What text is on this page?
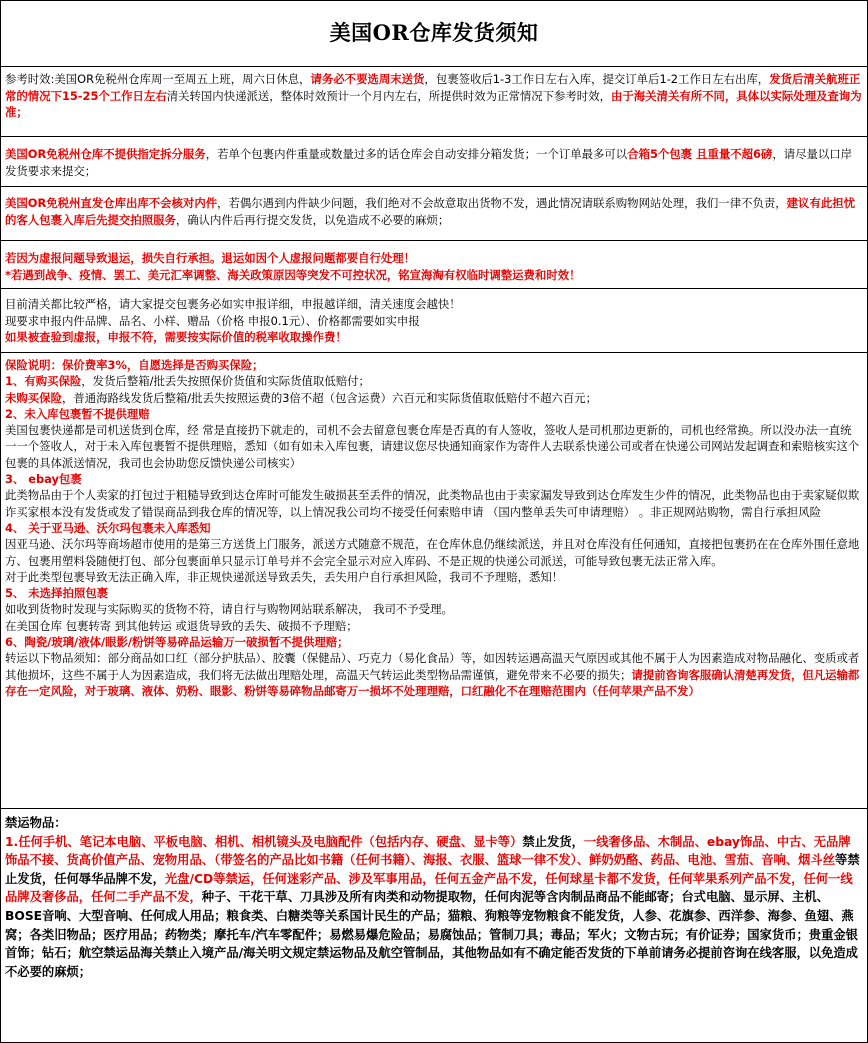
美国OR仓库发货须知
参考时效:美国OR免税州仓库周一至周五上班，周六日休息，请务必不要选周末送货，包裹签收后1-3工作日左右入库，提交订单后1-2工作日左右出库，发货后清关航班正常的情况下15-25个工作日左右清关转国内快递派送，整体时效预计一个月内左右，所提供时效为正常情况下参考时效，由于海关清关有所不同，具体以实际处理及查询为准；
美国OR免税州仓库不提供指定拆分服务，若单个包裹内件重量或数量过多的话仓库会自动安排分箱发货；一个订单最多可以合箱5个包裹 且重量不超6磅，请尽量以口岸发货要求来提交；
美国OR免税州直发仓库出库不会核对内件，若偶尔遇到内件缺少问题，我们绝对不会故意取出货物不发，遇此情况请联系购物网站处理，我们一律不负责，建议有此担忧的客人包裹入库后先提交拍照服务，确认内件后再行提交发货，以免造成不必要的麻烦；
若因为虚报问题导致退运，损失自行承担。退运如因个人虚报问题都要自行处理！
*若遇到战争、疫情、罢工、美元汇率调整、海关政策原因等突发不可控状况，铭宣海淘有权临时调整运费和时效！
目前清关都比较严格，请大家提交包裹务必如实申报详细，申报越详细，清关速度会越快！
现要求申报内件品牌、品名、小样、赠品（价格 申报0.1元）、价格都需要如实申报
如果被查验到虚报，申报不符，需要按实际价值的税率收取操作费！
保险说明：保价费率3%，自愿选择是否购买保险；
1、有购买保险，发货后整箱/批丢失按照保价货值和实际货值取低赔付；
未购买保险，普通海路线发货后整箱/批丢失按照运费的3倍不超（包含运费）六百元和实际货值取低赔付不超六百元；
2、未入库包裹暂不提供理赔
美国包裹快递都是司机送货到仓库，经 常是直接扔下就走的，司机不会去留意包裹仓库是否真的有人签收，签收人是司机那边更新的，司机也经常换。所以没办法一直统一一个签收人，对于未入库包裹暂不提供理赔，悉知（如有如未入库包裹，请建议您尽快通知商家作为寄件人去联系快递公司或者在快递公司网站发起调查和索赔核实这个包裹的具体派送情况，我司也会协助您反馈快递公司核实）
3、 ebay包裹
此类物品由于个人卖家的打包过于粗糙导致到达仓库时可能发生破损甚至丢件的情况，此类物品也由于卖家漏发导致到达仓库发生少件的情况，此类物品也由于卖家疑似欺诈买家根本没有发货或发了错误商品到我仓库的情况等，以上情况我公司均不接受任何索赔申请 （国内整单丢失可申请理赔） 。非正规网站购物，需自行承担风险
4、 关于亚马逊、沃尔玛包裹未入库悉知
因亚马逊、沃尔玛等商场超市使用的是第三方送货上门服务，派送方式随意不规范，在仓库休息仍继续派送，并且对仓库没有任何通知，直接把包裹扔在在仓库外围任意地方、包裹用塑料袋随便打包、部分包裹面单只显示订单号并不会完全显示对应入库码、不是正规的快递公司派送，可能导致包裹无法正常入库。
对于此类型包裹导致无法正确入库，非正规快递派送导致丢失，丢失用户自行承担风险，我司不予理赔，悉知！
5、 未选择拍照包裹
如收到货物时发现与实际购买的货物不符，请自行与购物网站联系解决， 我司不予受理。
在美国仓库 包裹转寄 到其他转运 或退货导致的丢失、破损不予理赔；
6、陶瓷/玻璃/液体/眼影/粉饼等易碎品运输万一破损暂不提供理赔；
转运以下物品须知：部分商品如口红（部分护肤品）、胶囊（保健品）、巧克力（易化食品）等，如因转运遇高温天气原因或其他不属于人为因素造成对物品融化、变质或者其他损坏，这些不属于人为因素造成，我们将无法做出理赔处理，高温天气转运此类型物品需谨慎，避免带来不必要的损失；请提前咨询客服确认清楚再发货，但凡运输都存在一定风险，对于玻璃、液体、奶粉、眼影、粉饼等易碎物品邮寄万一损坏不处理理赔，口红融化不在理赔范围内（任何苹果产品不发）
禁运物品：
1.任何手机、笔记本电脑、平板电脑、相机、相机镜头及电脑配件（包括内存、硬盘、显卡等）禁止发货，一线奢侈品、木制品、ebay饰品、中古、无品牌饰品不接、货高价值产品、宠物用品、（带签名的产品比如书籍（任何书籍）、海报、衣服、篮球一律不发）、鲜奶奶酪、药品、电池、雪茄、音响、烟斗丝等禁止发货，任何辱华品牌不发，光盘/CD等禁运，任何迷彩产品、涉及军事用品，任何五金产品不发，任何球星卡都不发货，任何苹果系列产品不发，任何一线品牌及奢侈品，任何二手产品不发，种子、干花干草、刀具涉及所有肉类和动物提取物，任何肉泥等含肉制品商品不能邮寄；台式电脑、显示屏、主机、BOSE音响、大型音响、任何成人用品；粮食类、白糖类等关系国计民生的产品；猫粮、狗粮等宠物粮食不能发货，人参、花旗参、西洋参、海参、鱼翅、燕窝；各类旧物品；医疗用品；药物类；摩托车/汽车零配件；易燃易爆危险品；易腐蚀品；管制刀具；毒品；军火；文物古玩；有价证券；国家货币；贵重金银首饰；钻石；航空禁运品海关禁止入境产品/海关明文规定禁运物品及航空管制品，其他物品如有不确定能否发货的下单前请务必提前咨询在线客服，以免造成不必要的麻烦；
